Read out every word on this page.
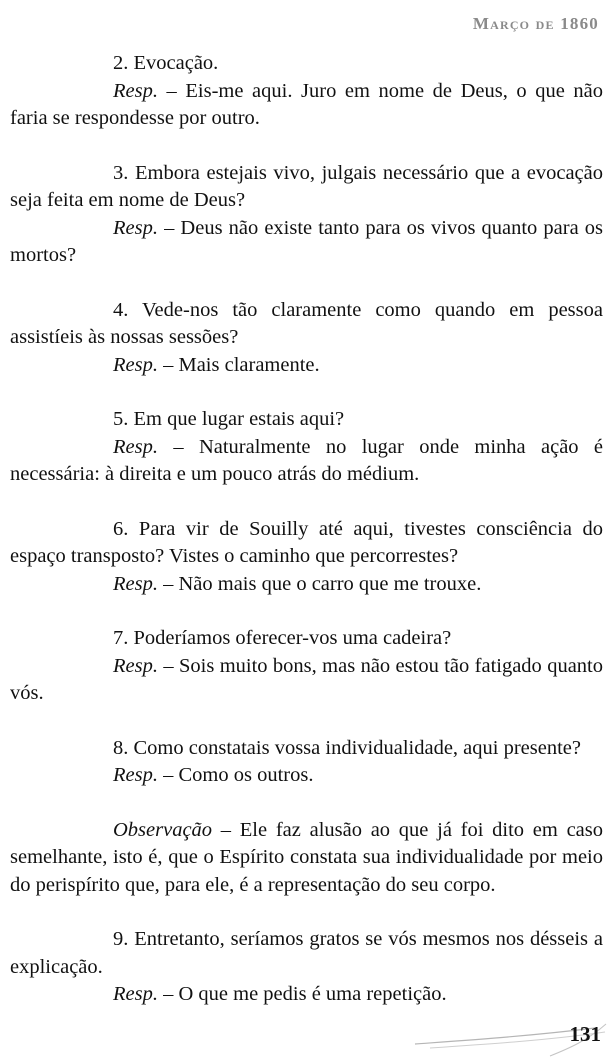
Março de 1860

2. Evocação.

Resp. – Eis-me aqui. Juro em nome de Deus, o que não faria se respondesse por outro.

3. Embora estejais vivo, julgais necessário que a evocação seja feita em nome de Deus?

Resp. – Deus não existe tanto para os vivos quanto para os mortos?

4. Vede-nos tão claramente como quando em pessoa assistíeis às nossas sessões?

Resp. – Mais claramente.

5. Em que lugar estais aqui?

Resp. – Naturalmente no lugar onde minha ação é necessária: à direita e um pouco atrás do médium.

6. Para vir de Souilly até aqui, tivestes consciência do espaço transposto? Vistes o caminho que percorrestes?

Resp. – Não mais que o carro que me trouxe.

7. Poderíamos oferecer-vos uma cadeira?

Resp. – Sois muito bons, mas não estou tão fatigado quanto vós.

8. Como constatais vossa individualidade, aqui presente?

Resp. – Como os outros.

Observação – Ele faz alusão ao que já foi dito em caso semelhante, isto é, que o Espírito constata sua individualidade por meio do perispírito que, para ele, é a representação do seu corpo.

9. Entretanto, seríamos gratos se vós mesmos nos désseis a explicação.

Resp. – O que me pedis é uma repetição.

131
